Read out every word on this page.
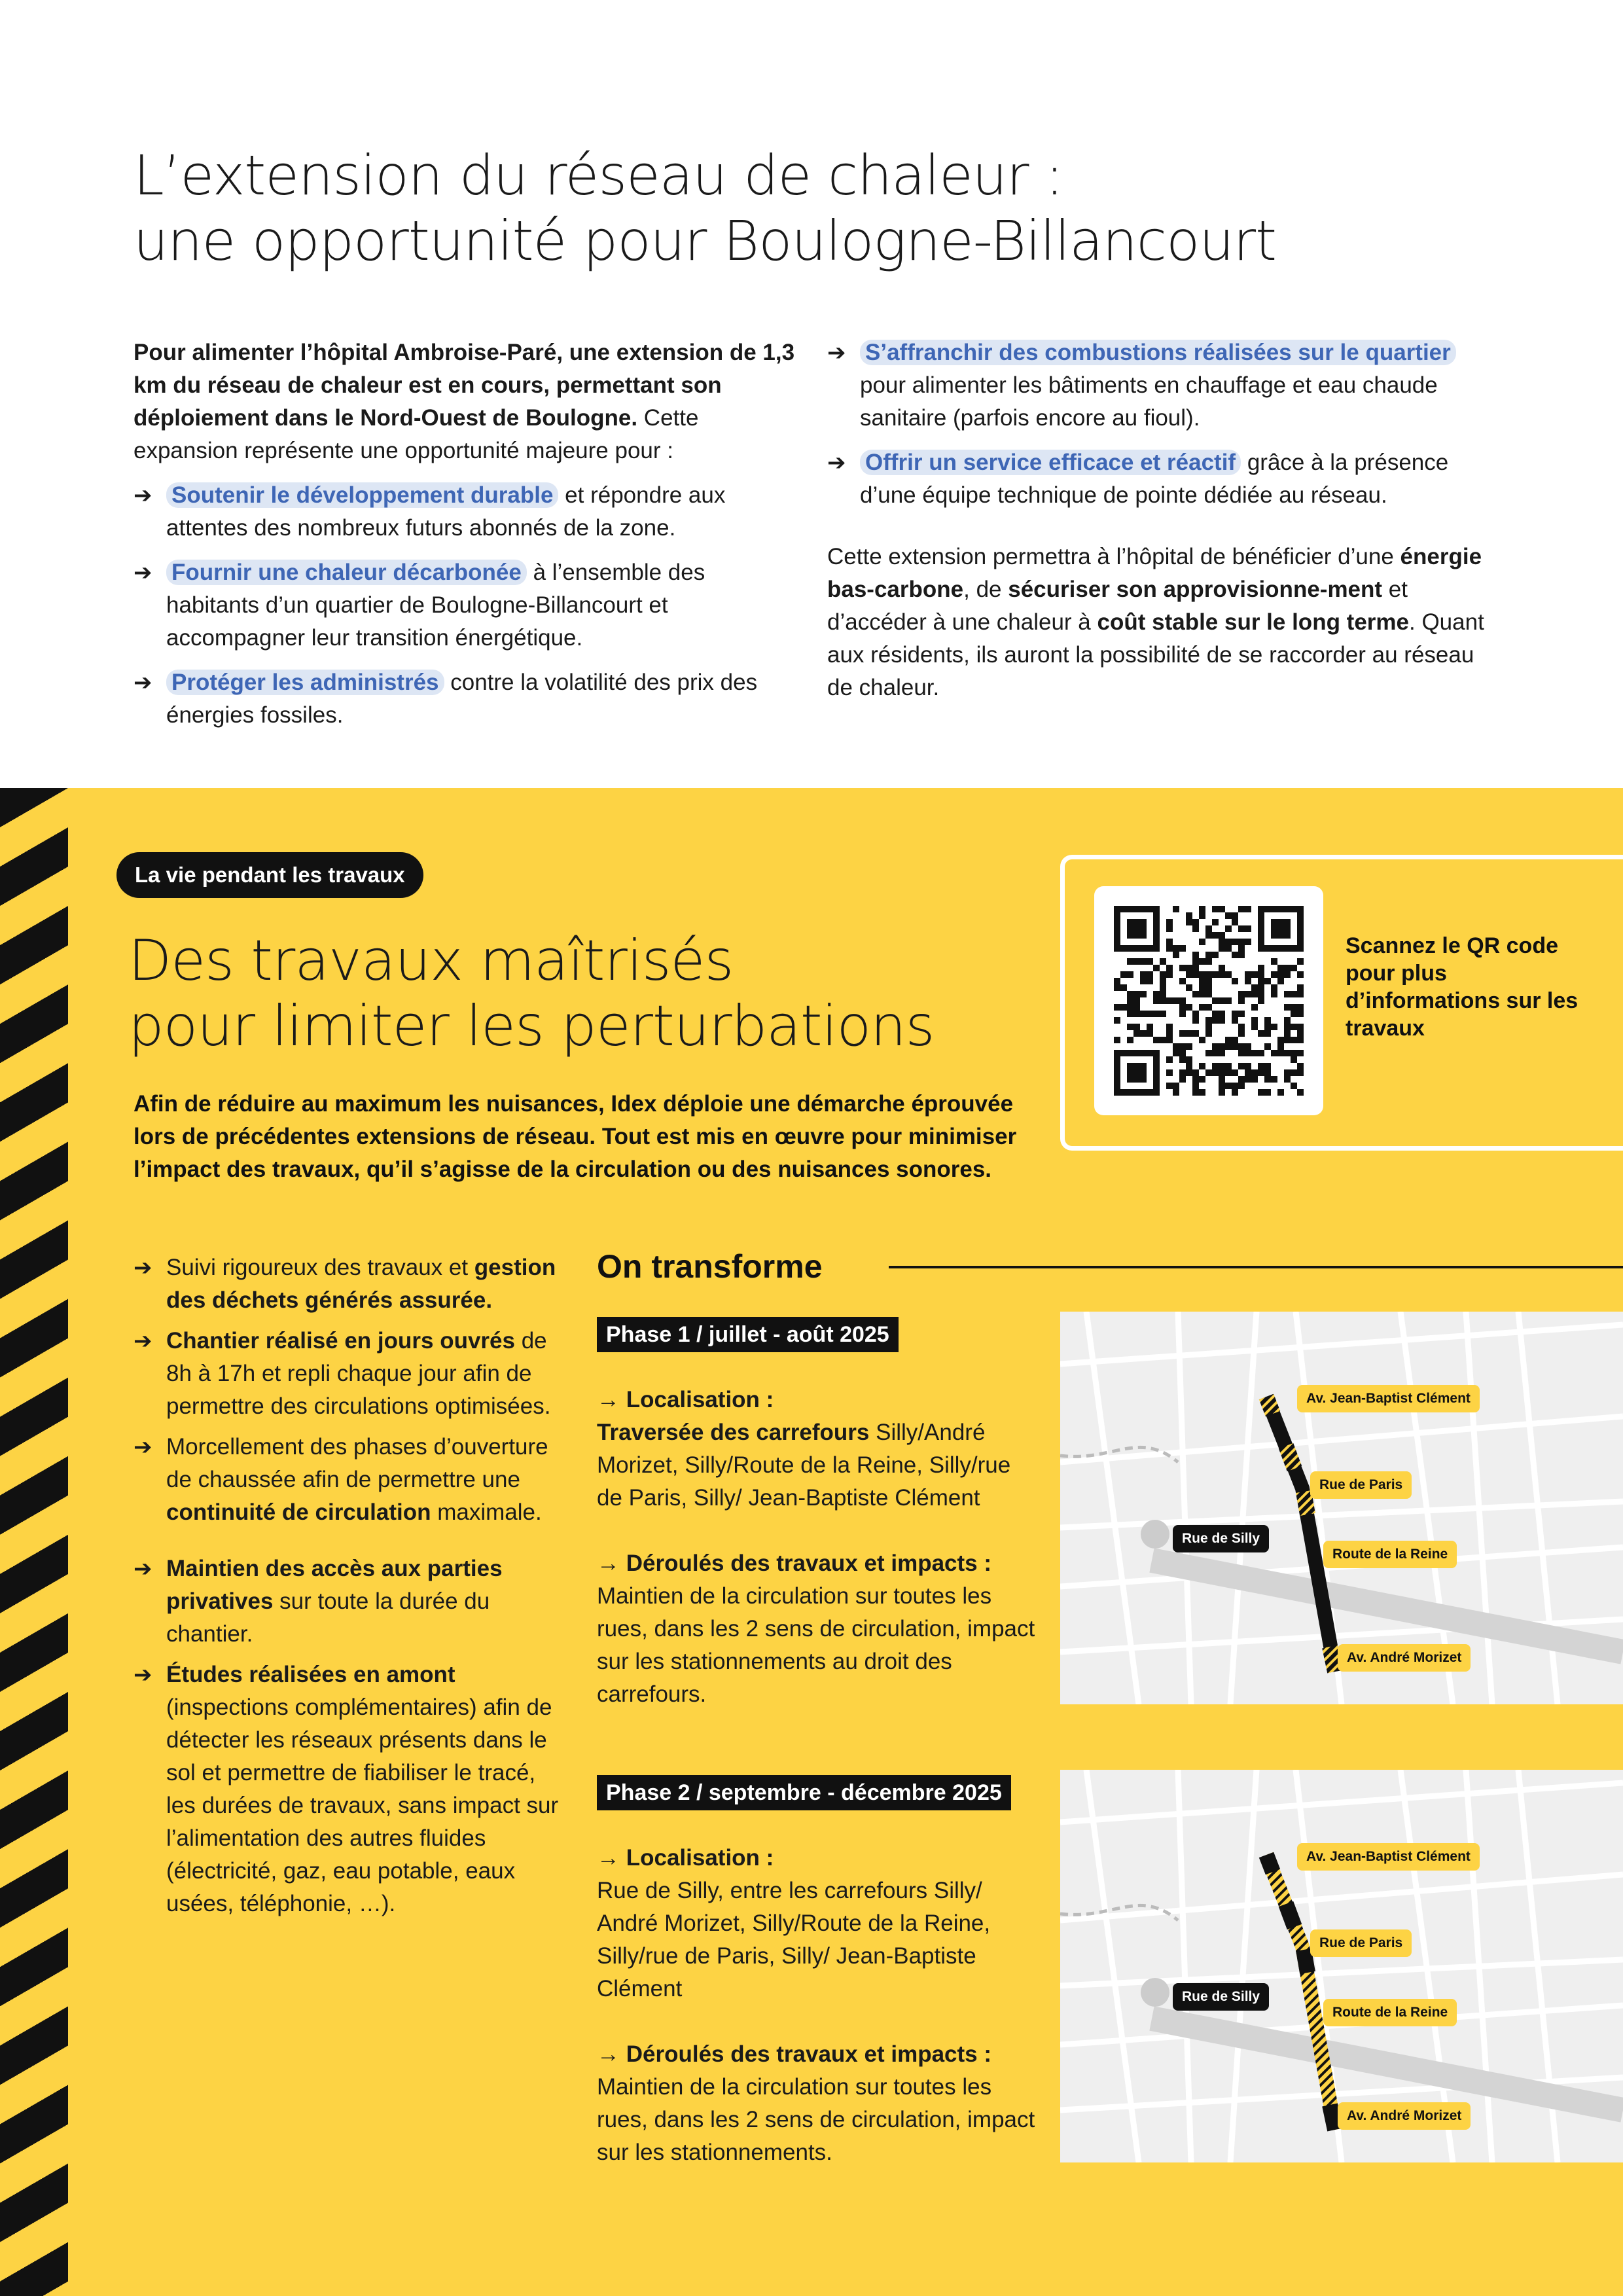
L’extension du réseau de chaleur :
une opportunité pour Boulogne-Billancourt

Pour alimenter l’hôpital Ambroise-Paré, une extension de 1,3 km du réseau de chaleur est en cours, permettant son déploiement dans le Nord-Ouest de Boulogne. Cette expansion représente une opportunité majeure pour :

➔ Soutenir le développement durable et répondre aux attentes des nombreux futurs abonnés de la zone.
➔ Fournir une chaleur décarbonée à l’ensemble des habitants d’un quartier de Boulogne-Billancourt et accompagner leur transition énergétique.
➔ Protéger les administrés contre la volatilité des prix des énergies fossiles.
➔ S’affranchir des combustions réalisées sur le quartier pour alimenter les bâtiments en chauffage et eau chaude sanitaire (parfois encore au fioul).
➔ Offrir un service efficace et réactif grâce à la présence d’une équipe technique de pointe dédiée au réseau.

Cette extension permettra à l’hôpital de bénéficier d’une énergie bas-carbone, de sécuriser son approvisionne-ment et d’accéder à une chaleur à coût stable sur le long terme. Quant aux résidents, ils auront la possibilité de se raccorder au réseau de chaleur.

La vie pendant les travaux
Des travaux maîtrisés
pour limiter les perturbations
Afin de réduire au maximum les nuisances, Idex déploie une démarche éprouvée lors de précédentes extensions de réseau. Tout est mis en œuvre pour minimiser l’impact des travaux, qu’il s’agisse de la circulation ou des nuisances sonores.
Scannez le QR code pour plus d’informations sur les travaux
➔ Suivi rigoureux des travaux et gestion des déchets générés assurée.
➔ Chantier réalisé en jours ouvrés de 8h à 17h et repli chaque jour afin de permettre des circulations optimisées.
➔ Morcellement des phases d’ouverture de chaussée afin de permettre une continuité de circulation maximale.
➔ Maintien des accès aux parties privatives sur toute la durée du chantier.
➔ Études réalisées en amont (inspections complémentaires) afin de détecter les réseaux présents dans le sol et permettre de fiabiliser le tracé, les durées de travaux, sans impact sur l’alimentation des autres fluides (électricité, gaz, eau potable, eaux usées, téléphonie, …).
On transforme
Phase 1 / juillet - août 2025

→ Localisation :

Traversée des carrefours Silly/André Morizet, Silly/Route de la Reine, Silly/rue de Paris, Silly/ Jean-Baptiste Clément

→ Déroulés des travaux et impacts :

Maintien de la circulation sur toutes les rues, dans les 2 sens de circulation, impact sur les stationnements au droit des carrefours.

Phase 2 / septembre - décembre 2025

→ Localisation :

Rue de Silly, entre les carrefours Silly/ André Morizet, Silly/Route de la Reine, Silly/rue de Paris, Silly/ Jean-Baptiste Clément

→ Déroulés des travaux et impacts :

Maintien de la circulation sur toutes les rues, dans les 2 sens de circulation, impact sur les stationnements.

Av. Jean-Baptist Clément
Rue de Paris
Rue de Silly
Route de la Reine
Av. André Morizet
Av. Jean-Baptist Clément
Rue de Paris
Rue de Silly
Route de la Reine
Av. André Morizet
